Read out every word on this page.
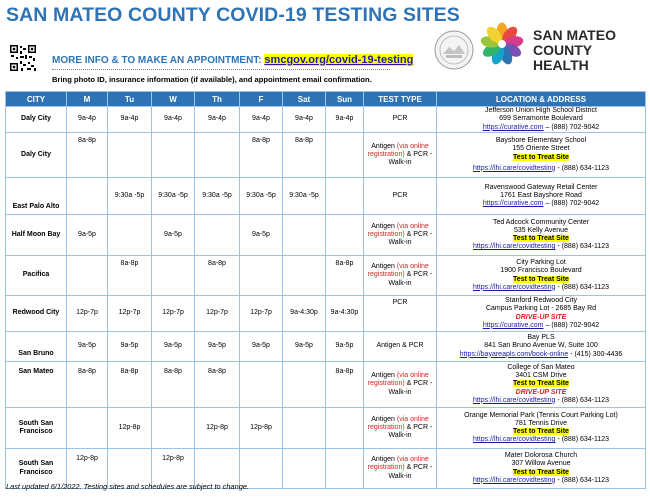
SAN MATEO COUNTY COVID-19 TESTING SITES
MORE INFO & TO MAKE AN APPOINTMENT: smcgov.org/covid-19-testing
Bring photo ID, insurance information (if available), and appointment email confirmation.
SAN MATEO
COUNTY HEALTH
CITY	M	Tu	W	Th	F	Sat	Sun	TEST TYPE	LOCATION & ADDRESS
Daly City	9a-4p	9a-4p	9a-4p	9a-4p	9a-4p	9a-4p	9a-4p	PCR	Jefferson Union High School District
699 Serramonte Boulevard
https://curative.com – (888) 702-9042

Daly City	8a-8p				8a-8p	8a-8p		Antigen (via online registration) & PCR -Walk-in	Bayshore Elementary School
155 Oriente Street
Test to Treat Site
https://lhi.care/covidtesting - (888) 634-1123

East Palo Alto		9:30a -5p	9:30a -5p	9:30a -5p	9:30a -5p	9:30a -5p		PCR	Ravenswood Gateway Retail Center
1761 East Bayshore Road
https://curative.com – (888) 702-9042

Half Moon Bay	9a-5p		9a-5p		9a-5p			Antigen (via online registration) & PCR -Walk-in	Ted Adcock Community Center
535 Kelly Avenue
Test to Treat Site
https://lhi.care/covidtesting - (888) 634-1123

Pacifica		8a-8p		8a-8p			8a-8p	Antigen (via online registration) & PCR -Walk-in	City Parking Lot
1900 Francisco Boulevard
Test to Treat Site
https://lhi.care/covidtesting - (888) 634-1123

Redwood City	12p-7p	12p-7p	12p-7p	12p-7p	12p-7p	9a-4:30p	9a-4:30p	PCR	Stanford Redwood City
Campus Parking Lot - 2685 Bay Rd
DRIVE-UP SITE
https://curative.com – (888) 702-9042

San Bruno	9a-5p	9a-5p	9a-5p	9a-5p	9a-5p	9a-5p	9a-5p	Antigen & PCR	Bay PLS
841 San Bruno Avenue W, Suite 100
https://bayareapls.com/book-online - (415) 300-4436

San Mateo	8a-8p	8a-8p	8a-8p	8a-8p			8a-8p	Antigen (via online registration) & PCR -Walk-in	College of San Mateo
3401 CSM Drive
Test to Treat Site
DRIVE-UP SITE
https://lhi.care/covidtesting - (888) 634-1123

South San Francisco		12p-8p		12p-8p	12p-8p			Antigen (via online registration) & PCR -Walk-in	Orange Memorial Park (Tennis Court Parking Lot)
781 Tennis Drive
Test to Treat Site
https://lhi.care/covidtesting - (888) 634-1123

South San Francisco	12p-8p		12p-8p					Antigen (via online registration) & PCR -Walk-in	Mater Dolorosa Church
307 Willow Avenue
Test to Treat Site
https://lhi.care/covidtesting - (888) 634-1123
Last updated 6/1/2022. Testing sites and schedules are subject to change.
